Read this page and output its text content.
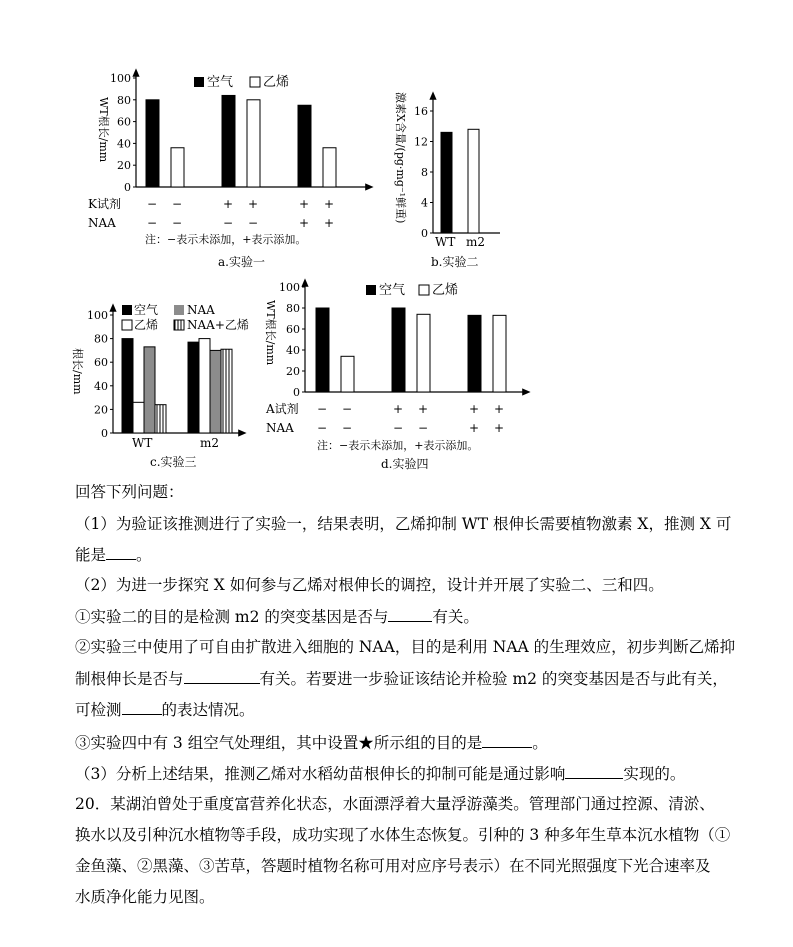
WT根长/mm
0
20
40
60
80
100	空气 乙烯
K试剂
NAA
− −	+ +	+ +
− −	− −	+ +
注：−表示未添加，+表示添加。
a.实验一
激素X含量/(pg·mg⁻¹鲜重)
0
4
8
12
16
WT m2
b.实验二
根长/mm
0
20
40
60
80
100 空气 NAA
乙烯 NAA+乙烯
WT	m2
c.实验三
WT根长/mm
0
20
40
60
80
100	空气 乙烯
A试剂
NAA
− −	+ +	+ +
− −	− −	+ +
注：−表示未添加，+表示添加。
d.实验四
回答下列问题：
（1）为验证该推测进行了实验一，结果表明，乙烯抑制 WT 根伸长需要植物激素 X，推测 X 可
能是 。
（2）为进一步探究 X 如何参与乙烯对根伸长的调控，设计并开展了实验二、三和四。
①实验二的目的是检测 m2 的突变基因是否与	有关。
②实验三中使用了可自由扩散进入细胞的 NAA，目的是利用 NAA 的生理效应，初步判断乙烯抑
制根伸长是否与	有关。若要进一步验证该结论并检验 m2 的突变基因是否与此有关，
可检测	的表达情况。
③实验四中有 3 组空气处理组，其中设置★所示组的目的是	。
（3）分析上述结果，推测乙烯对水稻幼苗根伸长的抑制可能是通过影响	实现的。
20．某湖泊曾处于重度富营养化状态，水面漂浮着大量浮游藻类。管理部门通过控源、清淤、
换水以及引种沉水植物等手段，成功实现了水体生态恢复。引种的 3 种多年生草本沉水植物（①
金鱼藻、②黑藻、③苦草，答题时植物名称可用对应序号表示）在不同光照强度下光合速率及
水质净化能力见图。
